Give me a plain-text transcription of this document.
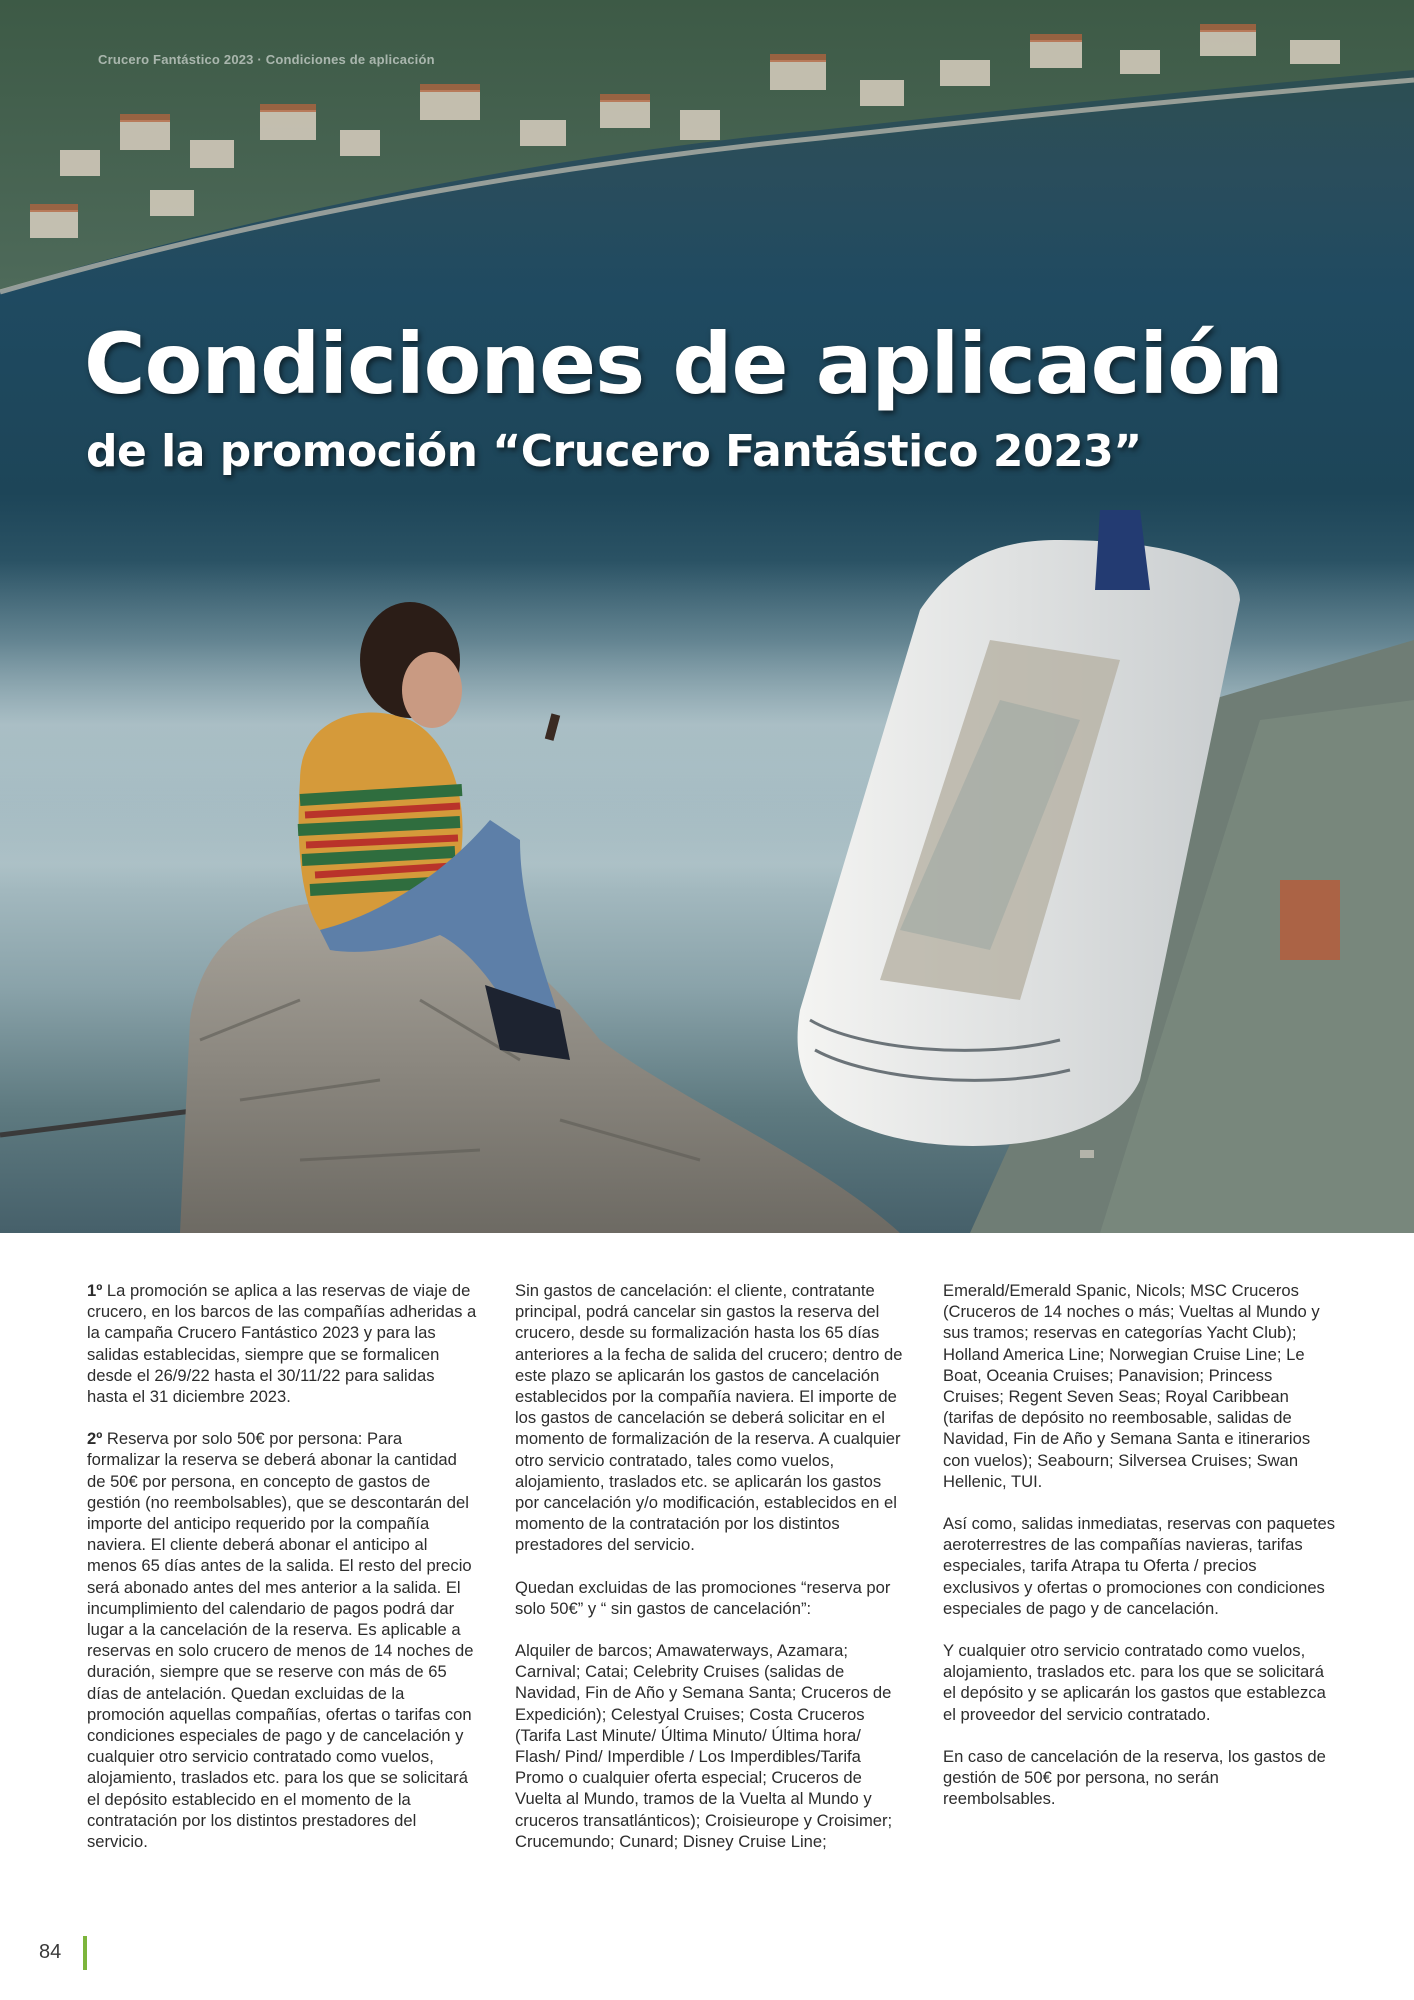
Crucero Fantástico 2023 · Condiciones de aplicación
Condiciones de aplicación
de la promoción “Crucero Fantástico 2023”

1º La promoción se aplica a las reservas de viaje de crucero, en los barcos de las compañías adheridas a la campaña Crucero Fantástico 2023 y para las salidas establecidas, siempre que se formalicen desde el 26/9/22 hasta el 30/11/22 para salidas hasta el 31 diciembre 2023.

2º Reserva por solo 50€ por persona: Para formalizar la reserva se deberá abonar la cantidad de 50€ por persona, en concepto de gastos de gestión (no reembolsables), que se descontarán del importe del anticipo requerido por la compañía naviera. El cliente deberá abonar el anticipo al menos 65 días antes de la salida. El resto del precio será abonado antes del mes anterior a la salida. El incumplimiento del calendario de pagos podrá dar lugar a la cancelación de la reserva. Es aplicable a reservas en solo crucero de menos de 14 noches de duración, siempre que se reserve con más de 65 días de antelación. Quedan excluidas de la promoción aquellas compañías, ofertas o tarifas con condiciones especiales de pago y de cancelación y cualquier otro servicio contratado como vuelos, alojamiento, traslados etc. para los que se solicitará el depósito establecido en el momento de la contratación por los distintos prestadores del servicio.

Sin gastos de cancelación: el cliente, contratante principal, podrá cancelar sin gastos la reserva del crucero, desde su formalización hasta los 65 días anteriores a la fecha de salida del crucero; dentro de este plazo se aplicarán los gastos de cancelación establecidos por la compañía naviera. El importe de los gastos de cancelación se deberá solicitar en el momento de formalización de la reserva. A cualquier otro servicio contratado, tales como vuelos, alojamiento, traslados etc. se aplicarán los gastos por cancelación y/o modificación, establecidos en el momento de la contratación por los distintos prestadores del servicio.

Quedan excluidas de las promociones “reserva por solo 50€” y “ sin gastos de cancelación”:

Alquiler de barcos; Amawaterways, Azamara; Carnival; Catai; Celebrity Cruises (salidas de Navidad, Fin de Año y Semana Santa; Cruceros de Expedición); Celestyal Cruises; Costa Cruceros (Tarifa Last Minute/ Última Minuto/ Última hora/ Flash/ Pind/ Imperdible / Los Imperdibles/Tarifa Promo o cualquier oferta especial; Cruceros de Vuelta al Mundo, tramos de la Vuelta al Mundo y cruceros transatlánticos); Croisieurope y Croisimer; Crucemundo; Cunard; Disney Cruise Line;

Emerald/Emerald Spanic, Nicols; MSC Cruceros (Cruceros de 14 noches o más; Vueltas al Mundo y sus tramos; reservas en categorías Yacht Club); Holland America Line; Norwegian Cruise Line; Le Boat, Oceania Cruises; Panavision; Princess Cruises; Regent Seven Seas; Royal Caribbean (tarifas de depósito no reembosable, salidas de Navidad, Fin de Año y Semana Santa e itinerarios con vuelos); Seabourn; Silversea Cruises; Swan Hellenic, TUI.

Así como, salidas inmediatas, reservas con paquetes aeroterrestres de las compañías navieras, tarifas especiales, tarifa Atrapa tu Oferta / precios exclusivos y ofertas o promociones con condiciones especiales de pago y de cancelación.

Y cualquier otro servicio contratado como vuelos, alojamiento, traslados etc. para los que se solicitará el depósito y se aplicarán los gastos que establezca el proveedor del servicio contratado.

En caso de cancelación de la reserva, los gastos de gestión de 50€ por persona, no serán reembolsables.

84
